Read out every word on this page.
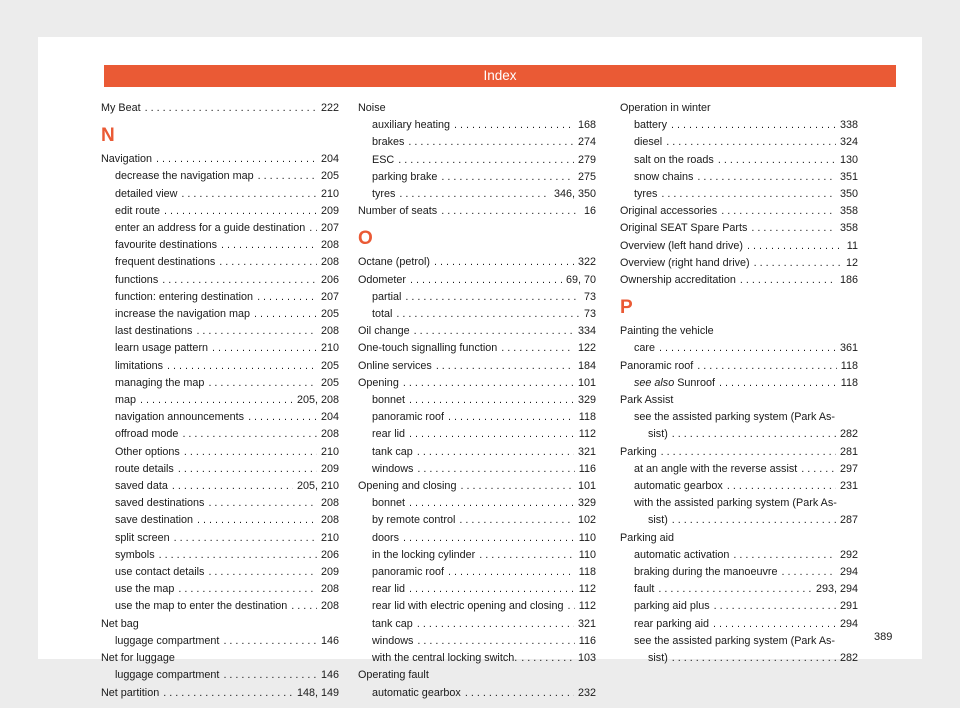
Index
My Beat . . .	222
N
Navigation . . .	204
decrease the navigation map . . .	205
detailed view . . .	210
edit route . . .	209
enter an address for a guide destination . . . 207
favourite destinations . . .	208
frequent destinations . . .	208
functions . . .	206
function: entering destination . . .	207
increase the navigation map . . .	205
last destinations . . .	208
learn usage pattern . . .	210
limitations . . .	205
managing the map . . .	205
map . . .	205, 208
navigation announcements . . .	204
offroad mode . . .	208
Other options . . .	210
route details . . .	209
saved data . . .	205, 210
saved destinations . . .	208
save destination . . .	208
split screen . . .	210
symbols . . .	206
use contact details . . .	209
use the map . . .	208
use the map to enter the destination . . .	208
Net bag
luggage compartment . . .	146
Net for luggage
luggage compartment . . .	146
Net partition . . .	148, 149
Noise
auxiliary heating . . .	168
brakes . . .	274
ESC . . .	279
parking brake . . .	275
tyres . . .	346, 350
Number of seats . . .	16
O
Octane (petrol) . . .	322
Odometer . . .	69, 70
partial . . .	73
total . . .	73
Oil change . . .	334
One-touch signalling function . . .	122
Online services . . .	184
Opening . . .	101
bonnet . . .	329
panoramic roof . . .	118
rear lid . . .	112
tank cap . . .	321
windows . . .	116
Opening and closing . . .	101
bonnet . . .	329
by remote control . . .	102
doors . . .	110
in the locking cylinder . . .	110
panoramic roof . . .	118
rear lid . . .	112
rear lid with electric opening and closing . . . 112
tank cap . . .	321
windows . . .	116
with the central locking switch. . . .	103
Operating fault
automatic gearbox . . .	232
Operation in winter
battery . . .	338
diesel . . .	324
salt on the roads . . .	130
snow chains . . .	351
tyres . . .	350
Original accessories . . .	358
Original SEAT Spare Parts . . .	358
Overview (left hand drive) . . .	11
Overview (right hand drive) . . .	12
Ownership accreditation . . .	186
P
Painting the vehicle
care . . .	361
Panoramic roof . . .	118
see also Sunroof . . .	118
Park Assist
see the assisted parking system (Park As-
sist) . . .	282
Parking . . .	281
at an angle with the reverse assist . . .	297
automatic gearbox . . .	231
with the assisted parking system (Park As-
sist) . . .	287
Parking aid
automatic activation . . .	292
braking during the manoeuvre . . .	294
fault . . .	293, 294
parking aid plus . . .	291
rear parking aid . . .	294
see the assisted parking system (Park As-
sist) . . .	282
389
